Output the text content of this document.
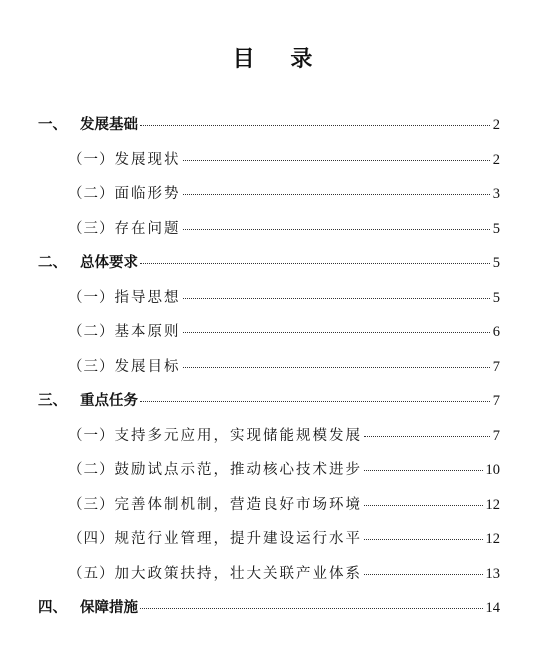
目 录
一、 发展基础	2
（一） 发展现状	2
（二） 面临形势	3
（三） 存在问题	5
二、 总体要求	5
（一） 指导思想	5
（二） 基本原则	6
（三） 发展目标	7
三、 重点任务	7
（一） 支持多元应用，实现储能规模发展	7
（二） 鼓励试点示范，推动核心技术进步	10
（三） 完善体制机制，营造良好市场环境	12
（四） 规范行业管理，提升建设运行水平	12
（五） 加大政策扶持，壮大关联产业体系	13
四、 保障措施	14
